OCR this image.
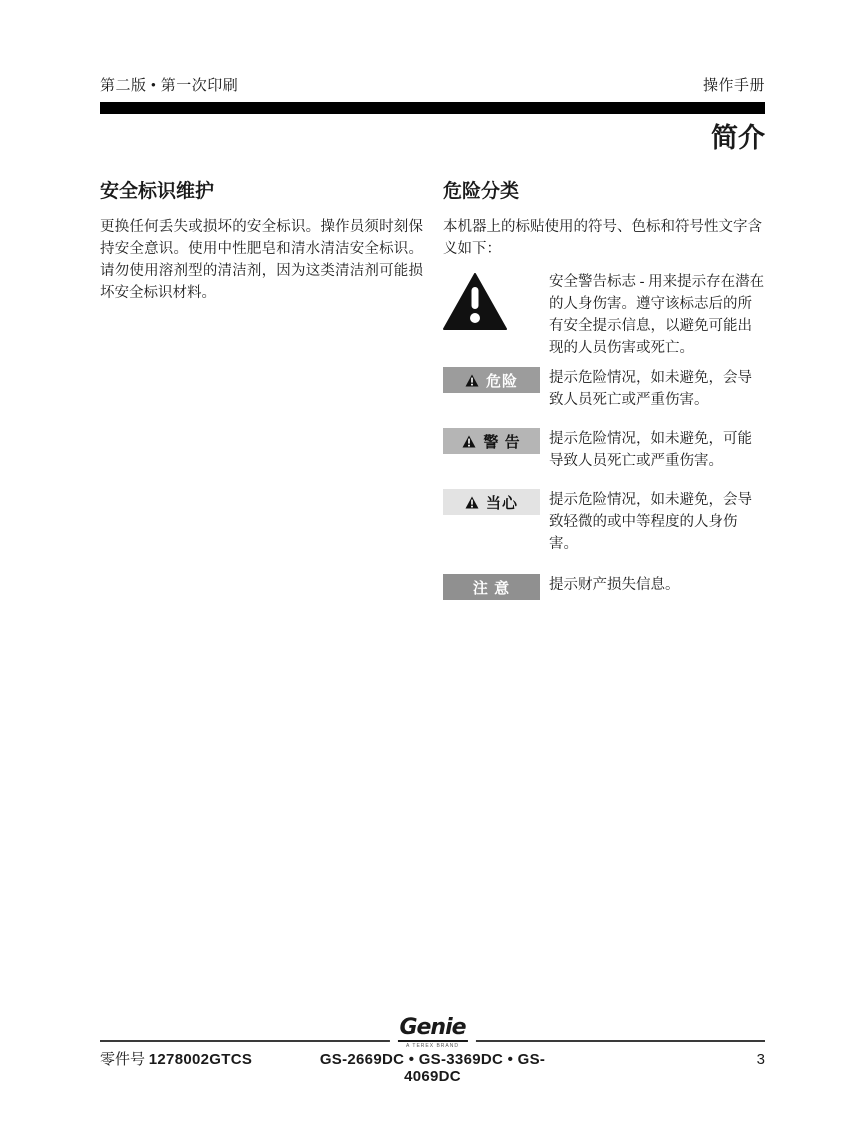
第二版 • 第一次印刷	操作手册
简介
安全标识维护

更换任何丢失或损坏的安全标识。操作员须时刻保持安全意识。使用中性肥皂和清水清洁安全标识。请勿使用溶剂型的清洁剂，因为这类清洁剂可能损坏安全标识材料。

危险分类

本机器上的标贴使用的符号、色标和符号性文字含义如下：

安全警告标志 - 用来提示存在潜在的人身伤害。遵守该标志后的所有安全提示信息，以避免可能出现的人员伤害或死亡。
危险 提示危险情况，如未避免，会导致人员死亡或严重伤害。
警 告 提示危险情况，如未避免，可能导致人员死亡或严重伤害。
当心 提示危险情况，如未避免，会导致轻微的或中等程度的人身伤害。
注 意	提示财产损失信息。
Genie
A TEREX BRAND
零件号 1278002GTCS	GS-2669DC • GS-3369DC • GS-4069DC
3
